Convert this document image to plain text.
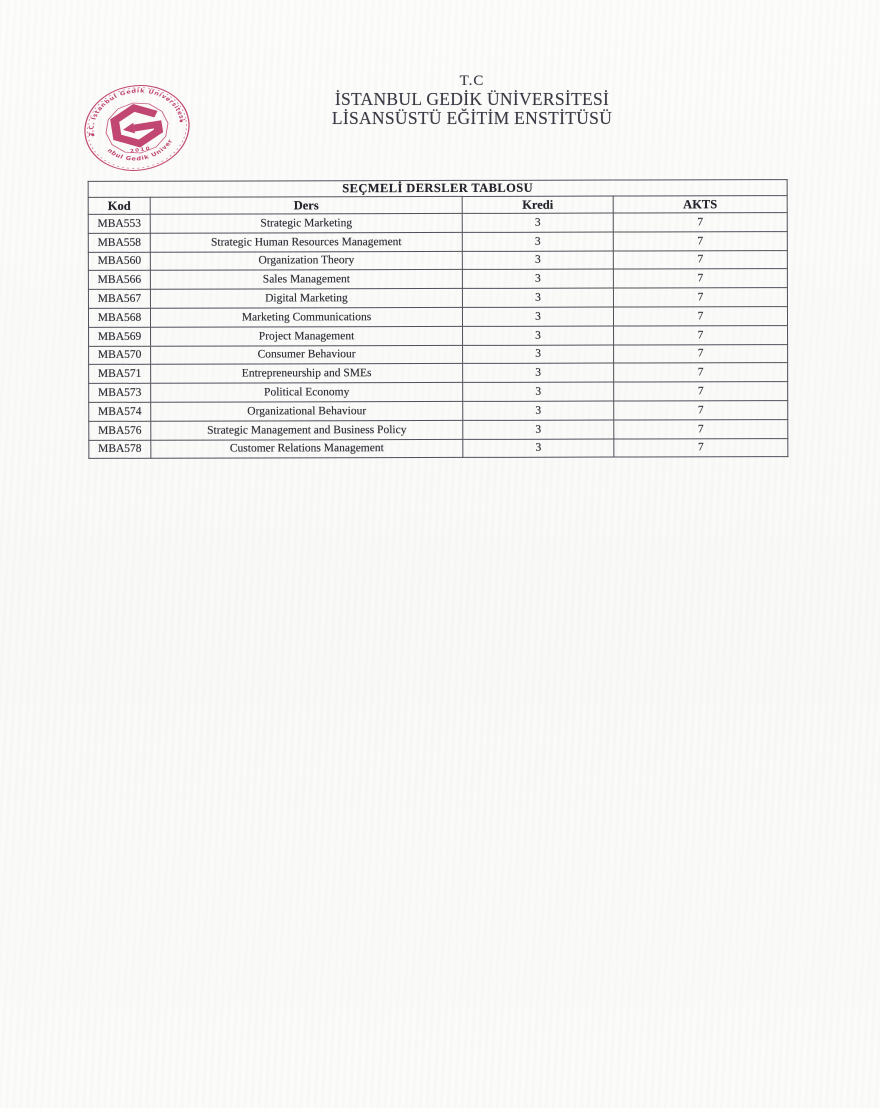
T.C. İstanbul Gedik Üniversitesi
İstanbul Gedik University
2010
T.C
İSTANBUL GEDİK ÜNİVERSİTESİ
LİSANSÜSTÜ EĞİTİM ENSTİTÜSÜ
SEÇMELİ DERSLER TABLOSU			
Kod	Ders	Kredi	AKTS
MBA553	Strategic Marketing	3	7
MBA558	Strategic Human Resources Management	3	7
MBA560	Organization Theory	3	7
MBA566	Sales Management	3	7
MBA567	Digital Marketing	3	7
MBA568	Marketing Communications	3	7
MBA569	Project Management	3	7
MBA570	Consumer Behaviour	3	7
MBA571	Entrepreneurship and SMEs	3	7
MBA573	Political Economy	3	7
MBA574	Organizational Behaviour	3	7
MBA576	Strategic Management and Business Policy	3	7
MBA578	Customer Relations Management	3	7
